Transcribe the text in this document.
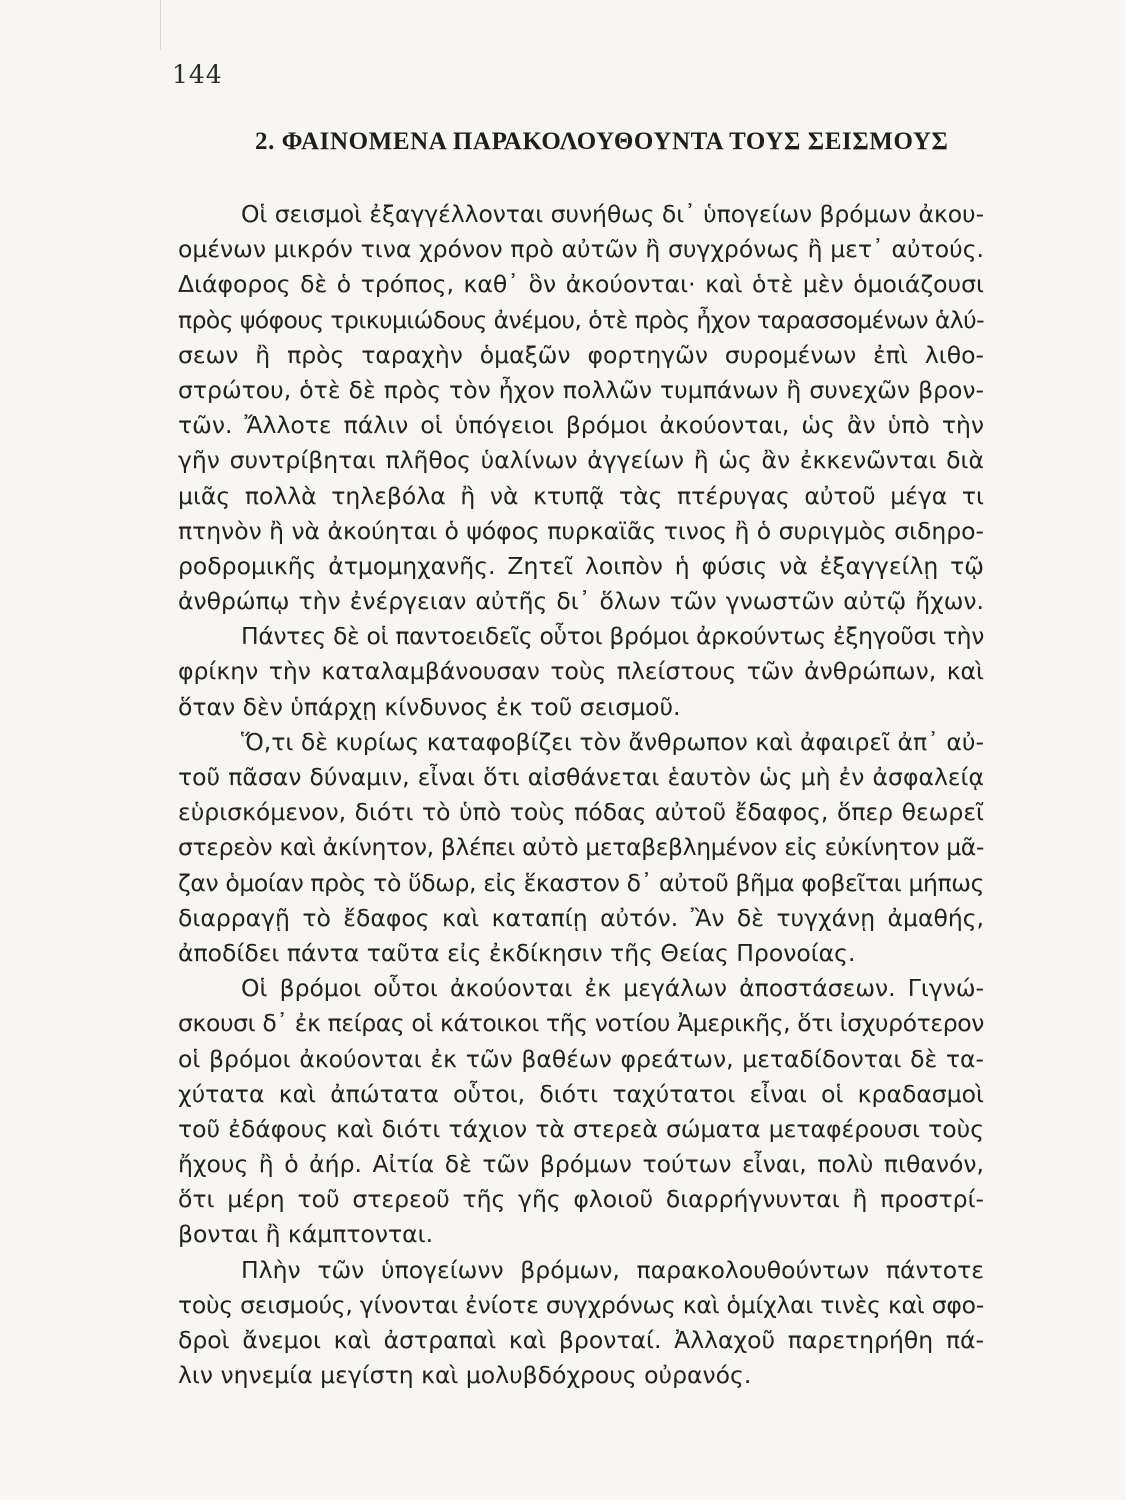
144
2. ΦΑΙΝΟΜΕΝΑ ΠΑΡΑΚΟΛΟΥΘΟΥΝΤΑ ΤΟΥΣ ΣΕΙΣΜΟΥΣ
Οἱ σεισμοὶ ἐξαγγέλλονται συνήθως δι᾿ ὑπογείων βρόμων ἀκου-
ομένων μικρόν τινα χρόνον πρὸ αὐτῶν ἢ συγχρόνως ἢ μετ᾿ αὐτούς.
Διάφορος δὲ ὁ τρόπος, καθ᾿ ὃν ἀκούονται· καὶ ὁτὲ μὲν ὁμοιάζουσι
πρὸς ψόφους τρικυμιώδους ἀνέμου, ὁτὲ πρὸς ἦχον ταρασσομένων ἁλύ-
σεων ἢ πρὸς ταραχὴν ὁμαξῶν φορτηγῶν συρομένων ἐπὶ λιθο-
στρώτου, ὁτὲ δὲ πρὸς τὸν ἦχον πολλῶν τυμπάνων ἢ συνεχῶν βρον-
τῶν. Ἄλλοτε πάλιν οἱ ὑπόγειοι βρόμοι ἀκούονται, ὡς ἂν ὑπὸ τὴν
γῆν συντρίβηται πλῆθος ὑαλίνων ἀγγείων ἢ ὡς ἂν ἐκκενῶνται διὰ
μιᾶς πολλὰ τηλεβόλα ἢ νὰ κτυπᾷ τὰς πτέρυγας αὐτοῦ μέγα τι
πτηνὸν ἢ νὰ ἀκούηται ὁ ψόφος πυρκαϊᾶς τινος ἢ ὁ συριγμὸς σιδηρο-
ροδρομικῆς ἀτμομηχανῆς. Ζητεῖ λοιπὸν ἡ φύσις νὰ ἐξαγγείλῃ τῷ
ἀνθρώπῳ τὴν ἐνέργειαν αὐτῆς δι᾿ ὅλων τῶν γνωστῶν αὐτῷ ἤχων.
Πάντες δὲ οἱ παντοειδεῖς οὗτοι βρόμοι ἀρκούντως ἐξηγοῦσι τὴν
φρίκην τὴν καταλαμβάνουσαν τοὺς πλείστους τῶν ἀνθρώπων, καὶ
ὅταν δὲν ὑπάρχῃ κίνδυνος ἐκ τοῦ σεισμοῦ.
Ὅ,τι δὲ κυρίως καταφοβίζει τὸν ἄνθρωπον καὶ ἀφαιρεῖ ἀπ᾿ αὐ-
τοῦ πᾶσαν δύναμιν, εἶναι ὅτι αἰσθάνεται ἑαυτὸν ὡς μὴ ἐν ἀσφαλείᾳ
εὑρισκόμενον, διότι τὸ ὑπὸ τοὺς πόδας αὐτοῦ ἔδαφος, ὅπερ θεωρεῖ
στερεὸν καὶ ἀκίνητον, βλέπει αὐτὸ μεταβεβλημένον εἰς εὐκίνητον μᾶ-
ζαν ὁμοίαν πρὸς τὸ ὕδωρ, εἰς ἕκαστον δ᾿ αὐτοῦ βῆμα φοβεῖται μήπως
διαρραγῇ τὸ ἔδαφος καὶ καταπίῃ αὐτόν. Ἂν δὲ τυγχάνῃ ἀμαθής,
ἀποδίδει πάντα ταῦτα εἰς ἐκδίκησιν τῆς Θείας Προνοίας.
Οἱ βρόμοι οὗτοι ἀκούονται ἐκ μεγάλων ἀποστάσεων. Γιγνώ-
σκουσι δ᾿ ἐκ πείρας οἱ κάτοικοι τῆς νοτίου Ἀμερικῆς, ὅτι ἰσχυρότερον
οἱ βρόμοι ἀκούονται ἐκ τῶν βαθέων φρεάτων, μεταδίδονται δὲ τα-
χύτατα καὶ ἀπώτατα οὗτοι, διότι ταχύτατοι εἶναι οἱ κραδασμοὶ
τοῦ ἐδάφους καὶ διότι τάχιον τὰ στερεὰ σώματα μεταφέρουσι τοὺς
ἤχους ἢ ὁ ἀήρ. Αἰτία δὲ τῶν βρόμων τούτων εἶναι, πολὺ πιθανόν,
ὅτι μέρη τοῦ στερεοῦ τῆς γῆς φλοιοῦ διαρρήγνυνται ἢ προστρί-
βονται ἢ κάμπτονται.
Πλὴν τῶν ὑπογείωνν βρόμων, παρακολουθούντων πάντοτε
τοὺς σεισμούς, γίνονται ἐνίοτε συγχρόνως καὶ ὁμίχλαι τινὲς καὶ σφο-
δροὶ ἄνεμοι καὶ ἀστραπαὶ καὶ βρονταί. Ἀλλαχοῦ παρετηρήθη πά-
λιν νηνεμία μεγίστη καὶ μολυβδόχρους οὐρανός.
